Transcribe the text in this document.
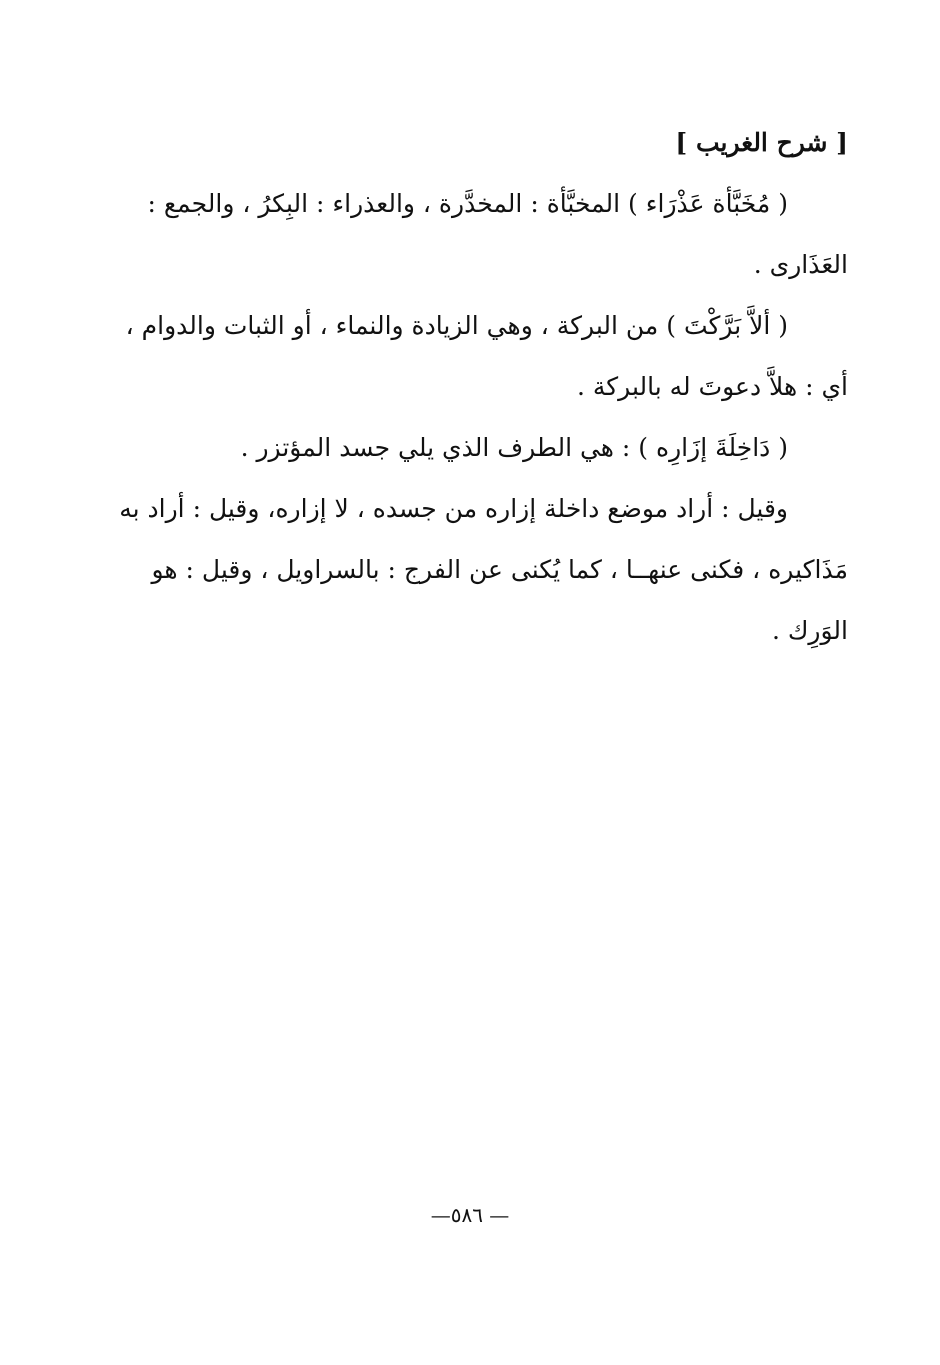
[ شرح الغريب ]

( مُخَبَّأة عَذْرَاء ) المخبَّأة : المخدَّرة ، والعذراء : البِكرُ ، والجمع : العَذَارى .

( ألاَّ بَرَّكْتَ ) من البركة ، وهي الزيادة والنماء ، أو الثبات والدوام ، أي : هلاَّ دعوتَ له بالبركة .

( دَاخِلَةَ إزَارِه ) : هي الطرف الذي يلي جسد المؤتزر .

وقيل : أراد موضع داخلة إزاره من جسده ، لا إزاره، وقيل : أراد به مَذَاكيره ، فكنى عنهــا ، كما يُكنى عن الفرج : بالسراويل ، وقيل : هو الوَرِك .

— ٥٨٦—
